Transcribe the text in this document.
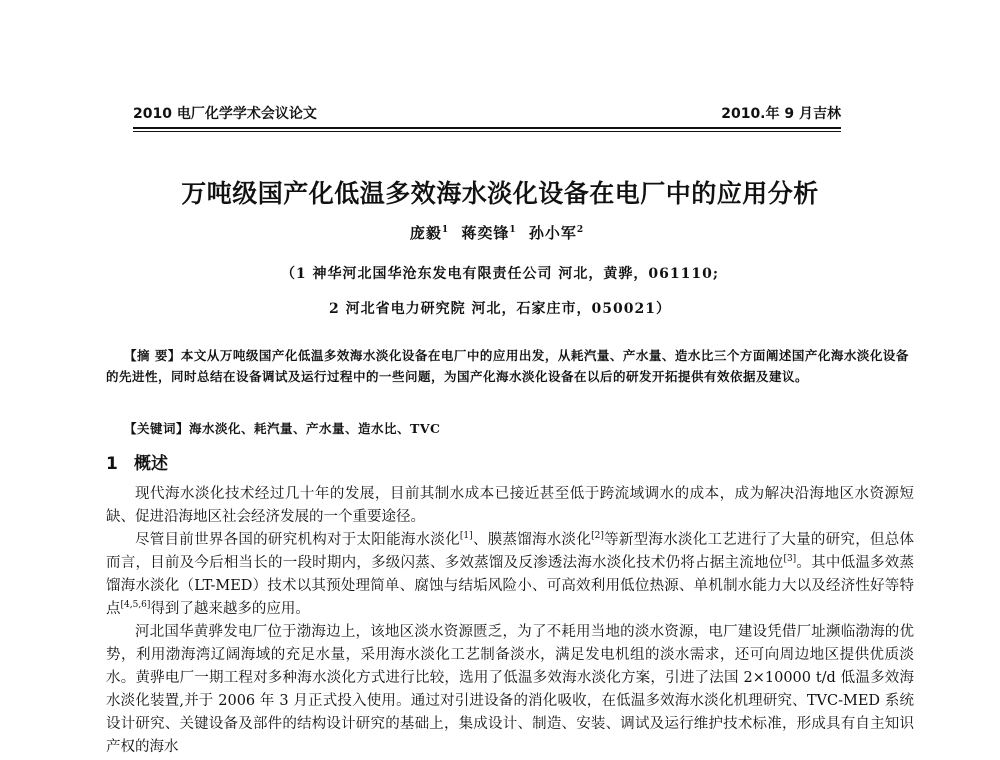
2010 电厂化学学术会议论文	2010.年 9 月吉林
万吨级国产化低温多效海水淡化设备在电厂中的应用分析
庞毅$^1$ 蒋奕锋$^1$ 孙小军$^2$
（1 神华河北国华沧东发电有限责任公司 河北，黄骅，061110;
2 河北省电力研究院 河北，石家庄市，050021）
【摘 要】本文从万吨级国产化低温多效海水淡化设备在电厂中的应用出发，从耗汽量、产水量、造水比三个方面阐述国产化海水淡化设备的先进性，同时总结在设备调试及运行过程中的一些问题，为国产化海水淡化设备在以后的研发开拓提供有效依据及建议。
【关键词】海水淡化、耗汽量、产水量、造水比、TVC
1 概述

现代海水淡化技术经过几十年的发展，目前其制水成本已接近甚至低于跨流域调水的成本，成为解决沿海地区水资源短缺、促进沿海地区社会经济发展的一个重要途径。

尽管目前世界各国的研究机构对于太阳能海水淡化[1]、膜蒸馏海水淡化[2]等新型海水淡化工艺进行了大量的研究，但总体而言，目前及今后相当长的一段时期内，多级闪蒸、多效蒸馏及反渗透法海水淡化技术仍将占据主流地位[3]。其中低温多效蒸馏海水淡化（LT-MED）技术以其预处理简单、腐蚀与结垢风险小、可高效利用低位热源、单机制水能力大以及经济性好等特点[4,5,6]得到了越来越多的应用。

河北国华黄骅发电厂位于渤海边上，该地区淡水资源匮乏，为了不耗用当地的淡水资源，电厂建设凭借厂址濒临渤海的优势，利用渤海湾辽阔海域的充足水量，采用海水淡化工艺制备淡水，满足发电机组的淡水需求，还可向周边地区提供优质淡水。黄骅电厂一期工程对多种海水淡化方式进行比较，选用了低温多效海水淡化方案，引进了法国 2×10000 t/d 低温多效海水淡化装置,并于 2006 年 3 月正式投入使用。通过对引进设备的消化吸收，在低温多效海水淡化机理研究、TVC-MED 系统设计研究、关键设备及部件的结构设计研究的基础上，集成设计、制造、安装、调试及运行维护技术标准，形成具有自主知识产权的海水
